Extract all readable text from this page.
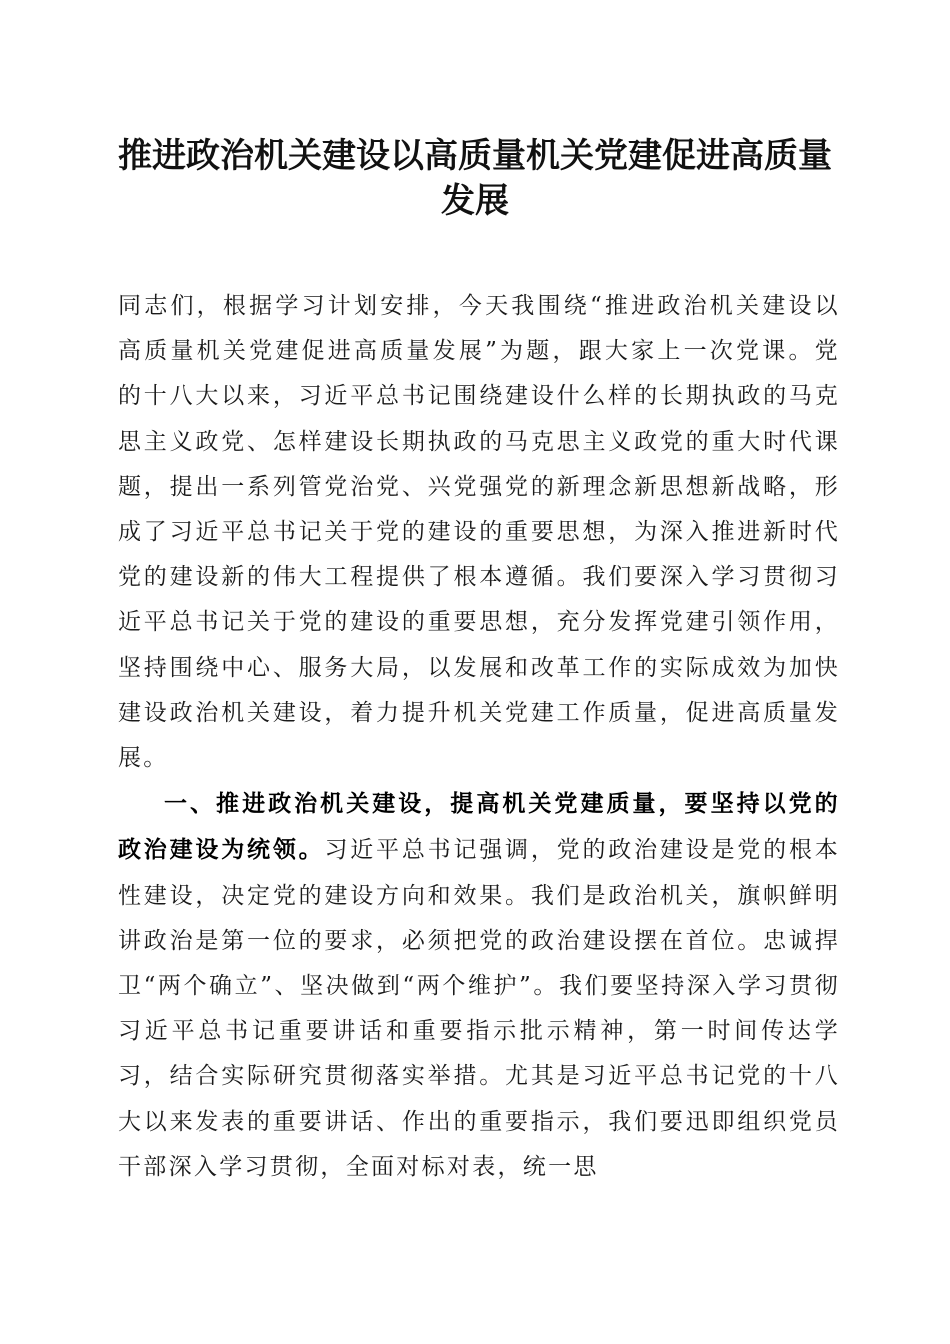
推进政治机关建设以高质量机关党建促进高质量发展

同志们，根据学习计划安排，今天我围绕“推进政治机关建设以高质量机关党建促进高质量发展”为题，跟大家上一次党课。党的十八大以来，习近平总书记围绕建设什么样的长期执政的马克思主义政党、怎样建设长期执政的马克思主义政党的重大时代课题，提出一系列管党治党、兴党强党的新理念新思想新战略，形成了习近平总书记关于党的建设的重要思想，为深入推进新时代党的建设新的伟大工程提供了根本遵循。我们要深入学习贯彻习近平总书记关于党的建设的重要思想，充分发挥党建引领作用，坚持围绕中心、服务大局，以发展和改革工作的实际成效为加快建设政治机关建设，着力提升机关党建工作质量，促进高质量发展。

一、推进政治机关建设，提高机关党建质量，要坚持以党的政治建设为统领。习近平总书记强调，党的政治建设是党的根本性建设，决定党的建设方向和效果。我们是政治机关，旗帜鲜明讲政治是第一位的要求，必须把党的政治建设摆在首位。忠诚捍卫“两个确立”、坚决做到“两个维护”。我们要坚持深入学习贯彻习近平总书记重要讲话和重要指示批示精神，第一时间传达学习，结合实际研究贯彻落实举措。尤其是习近平总书记党的十八大以来发表的重要讲话、作出的重要指示，我们要迅即组织党员干部深入学习贯彻，全面对标对表，统一思
